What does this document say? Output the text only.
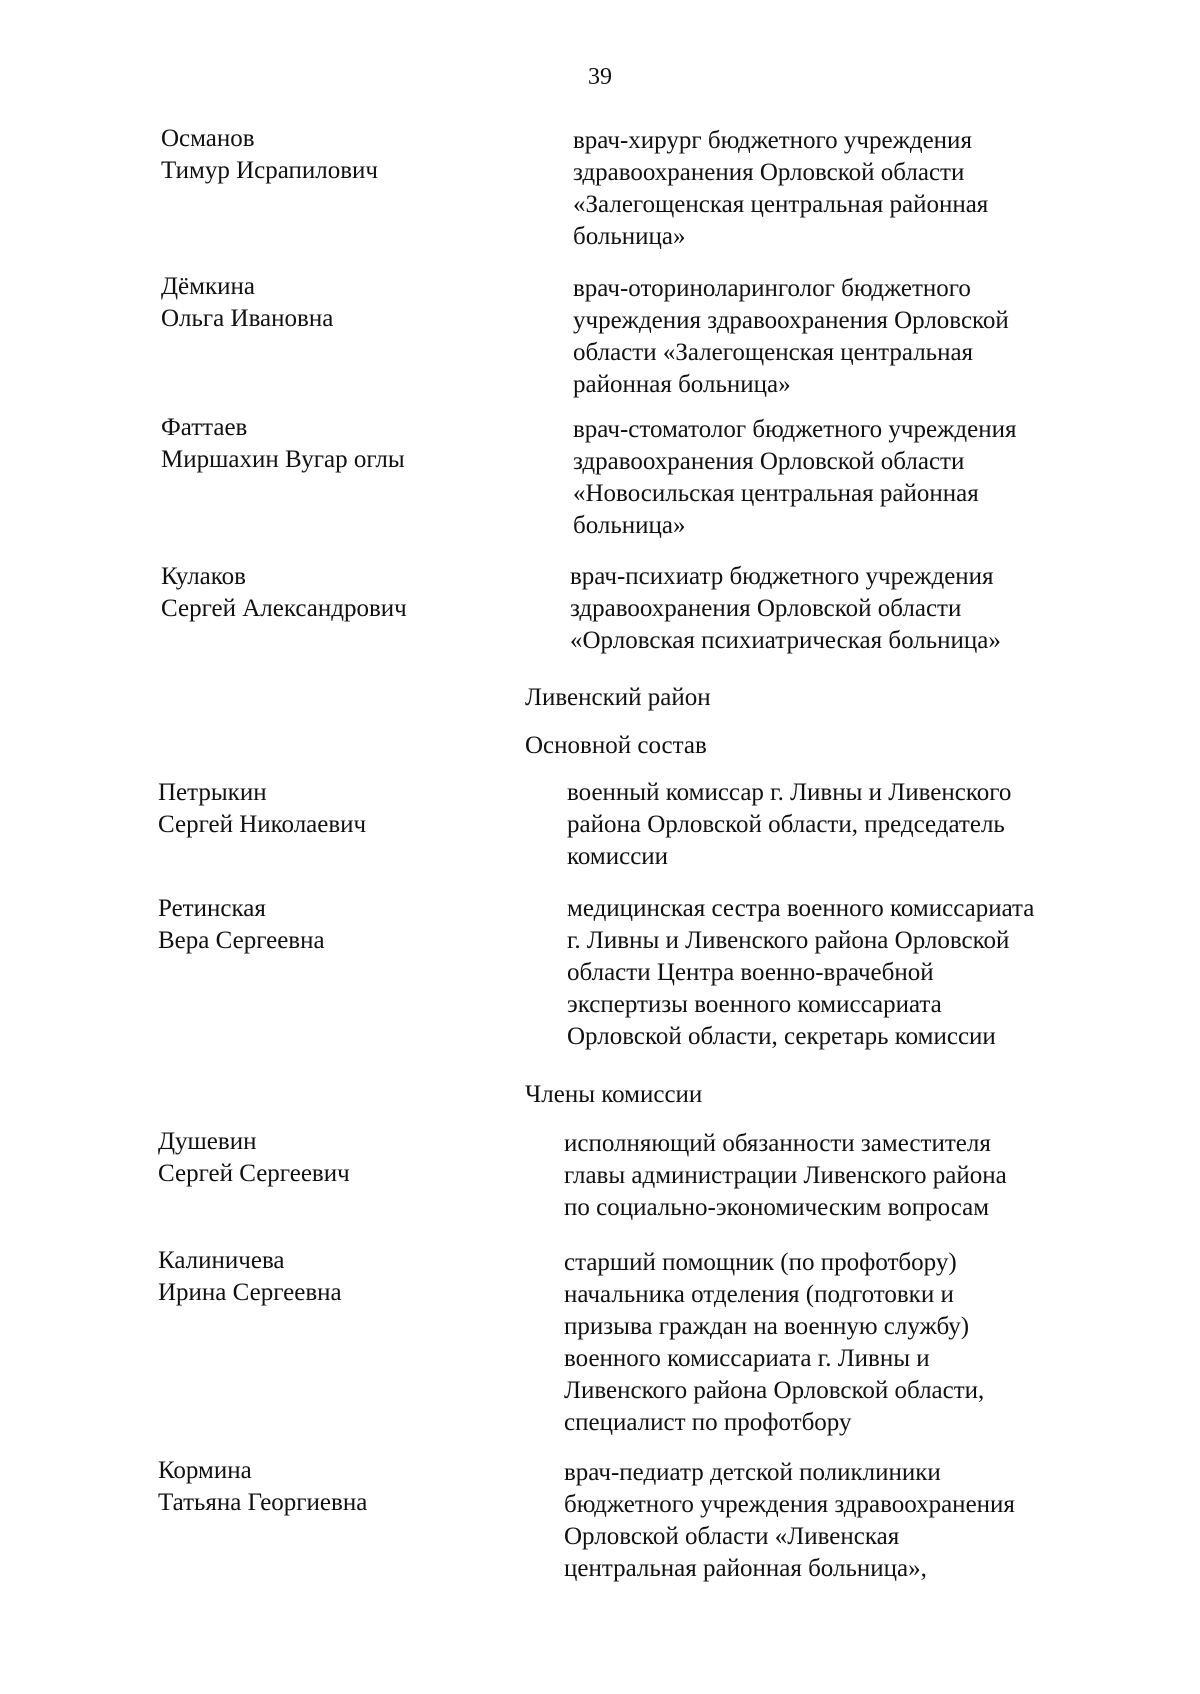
39
Османов
Тимур Исрапилович
врач-хирург бюджетного учреждения
здравоохранения Орловской области
«Залегощенская центральная районная
больница»
Дёмкина
Ольга Ивановна
врач-оториноларинголог бюджетного
учреждения здравоохранения Орловской
области «Залегощенская центральная
районная больница»
Фаттаев
Миршахин Вугар оглы
врач-стоматолог бюджетного учреждения
здравоохранения Орловской области
«Новосильская центральная районная
больница»
Кулаков
Сергей Александрович
врач-психиатр бюджетного учреждения
здравоохранения Орловской области
«Орловская психиатрическая больница»
Ливенский район
Основной состав
Петрыкин
Сергей Николаевич
военный комиссар г. Ливны и Ливенского
района Орловской области, председатель
комиссии
Ретинская
Вера Сергеевна
медицинская сестра военного комиссариата
г. Ливны и Ливенского района Орловской
области Центра военно-врачебной
экспертизы военного комиссариата
Орловской области, секретарь комиссии
Члены комиссии
Душевин
Сергей Сергеевич
исполняющий обязанности заместителя
главы администрации Ливенского района
по социально-экономическим вопросам
Калиничева
Ирина Сергеевна
старший помощник (по профотбору)
начальника отделения (подготовки и
призыва граждан на военную службу)
военного комиссариата г. Ливны и
Ливенского района Орловской области,
специалист по профотбору
Кормина
Татьяна Георгиевна
врач-педиатр детской поликлиники
бюджетного учреждения здравоохранения
Орловской области «Ливенская
центральная районная больница»,
